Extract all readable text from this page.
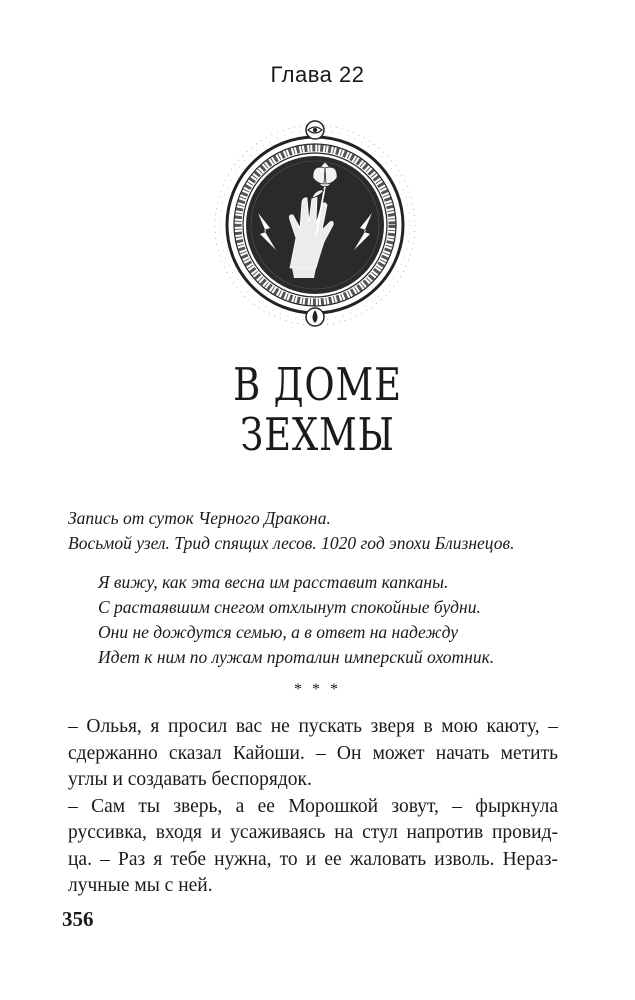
Глава 22
В ДОМЕ
ЗЕХМЫ
Запись от суток Черного Дракона.
Восьмой узел. Трид спящих лесов. 1020 год эпохи Близнецов.
Я вижу, как эта весна им расставит капканы.
С растаявшим снегом отхлынут спокойные будни.
Они не дождутся семью, а в ответ на надежду
Идет к ним по лужам проталин имперский охотник.
* * *
– Ольья, я просил вас не пускать зверя в мою каюту, –
сдержанно сказал Кайоши. – Он может начать метить
углы и создавать беспорядок.
– Сам ты зверь, а ее Морошкой зовут, – фыркнула
руссивка, входя и усаживаясь на стул напротив провид-
ца. – Раз я тебе нужна, то и ее жаловать изволь. Нераз-
лучные мы с ней.
356
